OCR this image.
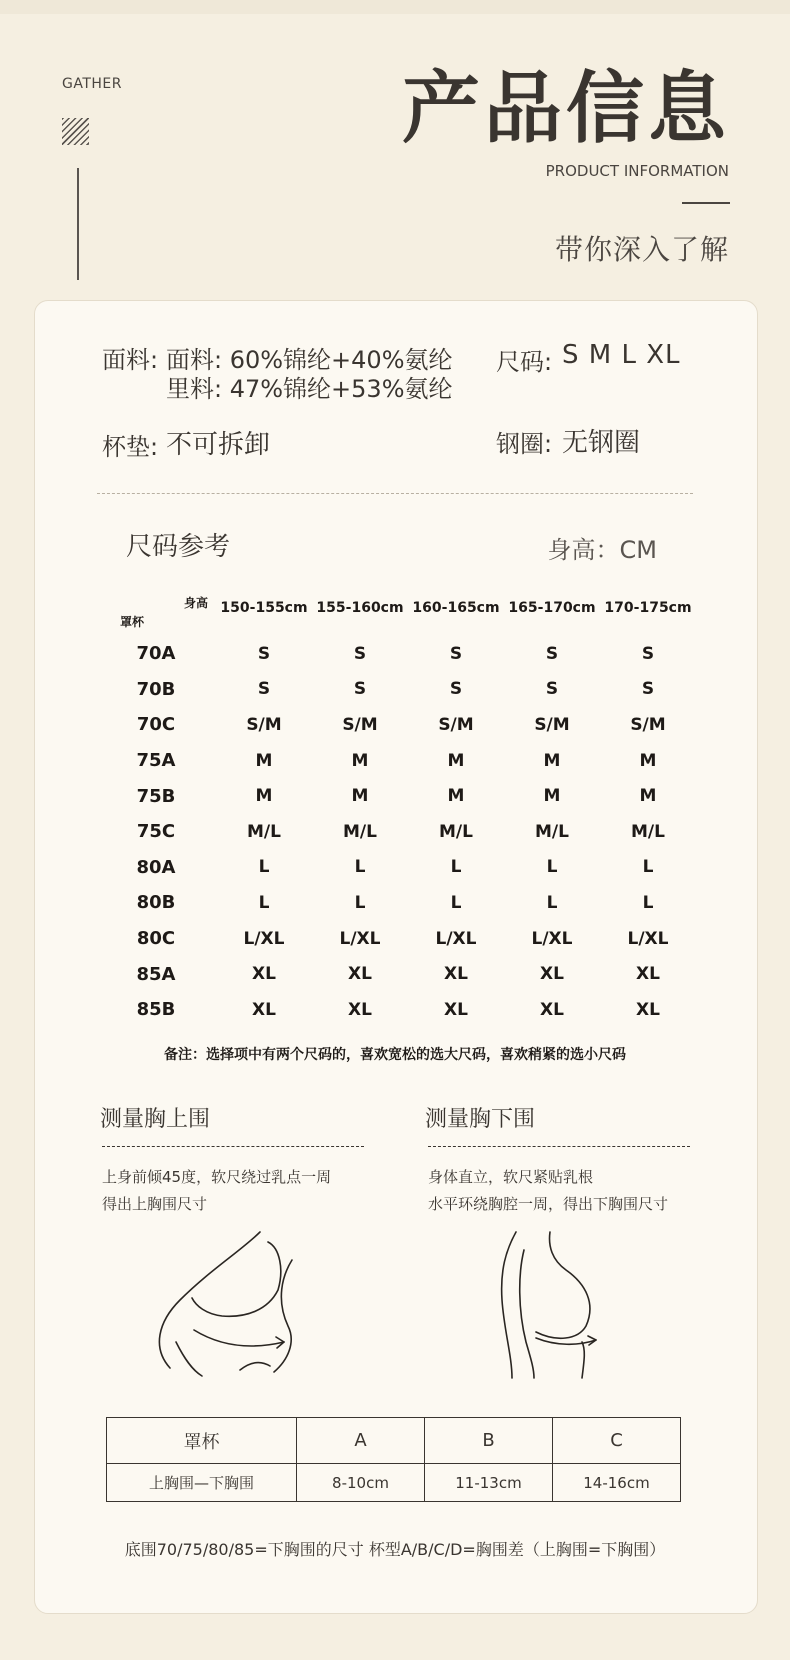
GATHER	产品信息
PRODUCT INFORMATION
带你深入了解
面料: 面料: 60%锦纶+40%氨纶
里料: 47%锦纶+53%氨纶
尺码: S M L XL
杯垫: 不可拆卸	钢圈: 无钢圈
尺码参考	身高：CM
身高
罩杯	150-155cm	155-160cm	160-165cm	165-170cm	170-175cm
70A	S	S	S	S	S
70B	S	S	S	S	S
70C	S/M	S/M	S/M	S/M	S/M
75A	M	M	M	M	M
75B	M	M	M	M	M
75C	M/L	M/L	M/L	M/L	M/L
80A	L	L	L	L	L
80B	L	L	L	L	L
80C	L/XL	L/XL	L/XL	L/XL	L/XL
85A	XL	XL	XL	XL	XL
85B	XL	XL	XL	XL	XL
备注：选择项中有两个尺码的，喜欢宽松的选大尺码，喜欢稍紧的选小尺码
测量胸上围
上身前倾45度，软尺绕过乳点一周
得出上胸围尺寸
测量胸下围
身体直立，软尺紧贴乳根
水平环绕胸腔一周，得出下胸围尺寸
罩杯	A	B	C
上胸围—下胸围	8-10cm	11-13cm	14-16cm
底围70/75/80/85=下胸围的尺寸 杯型A/B/C/D=胸围差（上胸围=下胸围）
